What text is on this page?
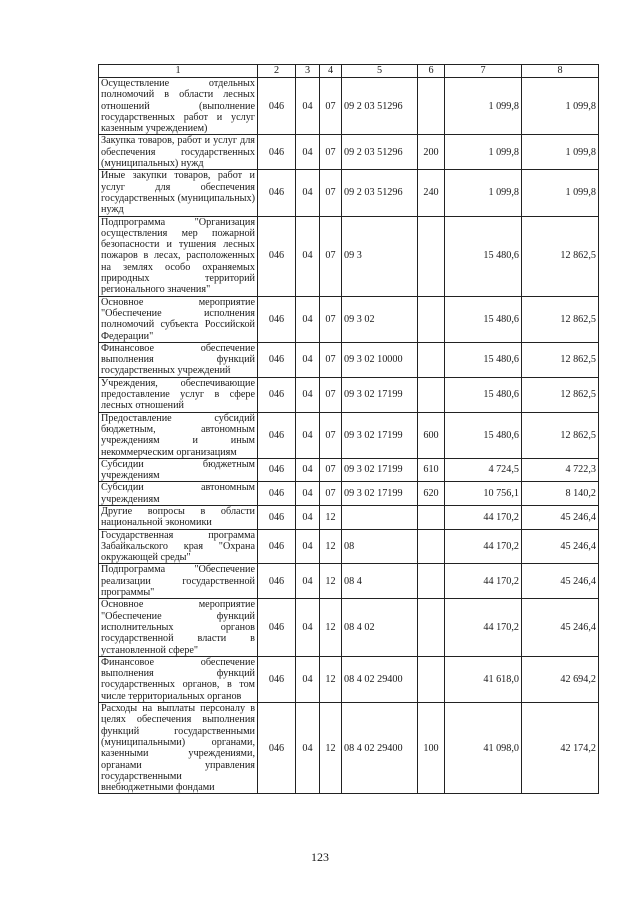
1	2	3	4	5	6	7	8
Осуществление отдельных полномочий в области лесных отношений (выполнение государственных работ и услуг казенным учреждением)	046	04	07	09 2 03 51296		1 099,8	1 099,8
Закупка товаров, работ и услуг для обеспечения государственных (муниципальных) нужд	046	04	07	09 2 03 51296	200	1 099,8	1 099,8
Иные закупки товаров, работ и услуг для обеспечения государственных (муниципальных) нужд	046	04	07	09 2 03 51296	240	1 099,8	1 099,8
Подпрограмма "Организация осуществления мер пожарной безопасности и тушения лесных пожаров в лесах, расположенных на землях особо охраняемых природных территорий регионального значения"	046	04	07	09 3		15 480,6	12 862,5
Основное мероприятие "Обеспечение исполнения полномочий субъекта Российской Федерации"	046	04	07	09 3 02		15 480,6	12 862,5
Финансовое обеспечение выполнения функций государственных учреждений	046	04	07	09 3 02 10000		15 480,6	12 862,5
Учреждения, обеспечивающие предоставление услуг в сфере лесных отношений	046	04	07	09 3 02 17199		15 480,6	12 862,5
Предоставление субсидий бюджетным, автономным учреждениям и иным некоммерческим организациям	046	04	07	09 3 02 17199	600	15 480,6	12 862,5
Субсидии бюджетным учреждениям	046	04	07	09 3 02 17199	610	4 724,5	4 722,3
Субсидии автономным учреждениям	046	04	07	09 3 02 17199	620	10 756,1	8 140,2
Другие вопросы в области национальной экономики	046	04	12			44 170,2	45 246,4
Государственная программа Забайкальского края "Охрана окружающей среды"	046	04	12	08		44 170,2	45 246,4
Подпрограмма "Обеспечение реализации государственной программы"	046	04	12	08 4		44 170,2	45 246,4
Основное мероприятие "Обеспечение функций исполнительных органов государственной власти в установленной сфере"	046	04	12	08 4 02		44 170,2	45 246,4
Финансовое обеспечение выполнения функций государственных органов, в том числе территориальных органов	046	04	12	08 4 02 29400		41 618,0	42 694,2
Расходы на выплаты персоналу в целях обеспечения выполнения функций государственными (муниципальными) органами, казенными учреждениями, органами управления государственными внебюджетными фондами	046	04	12	08 4 02 29400	100	41 098,0	42 174,2
123
